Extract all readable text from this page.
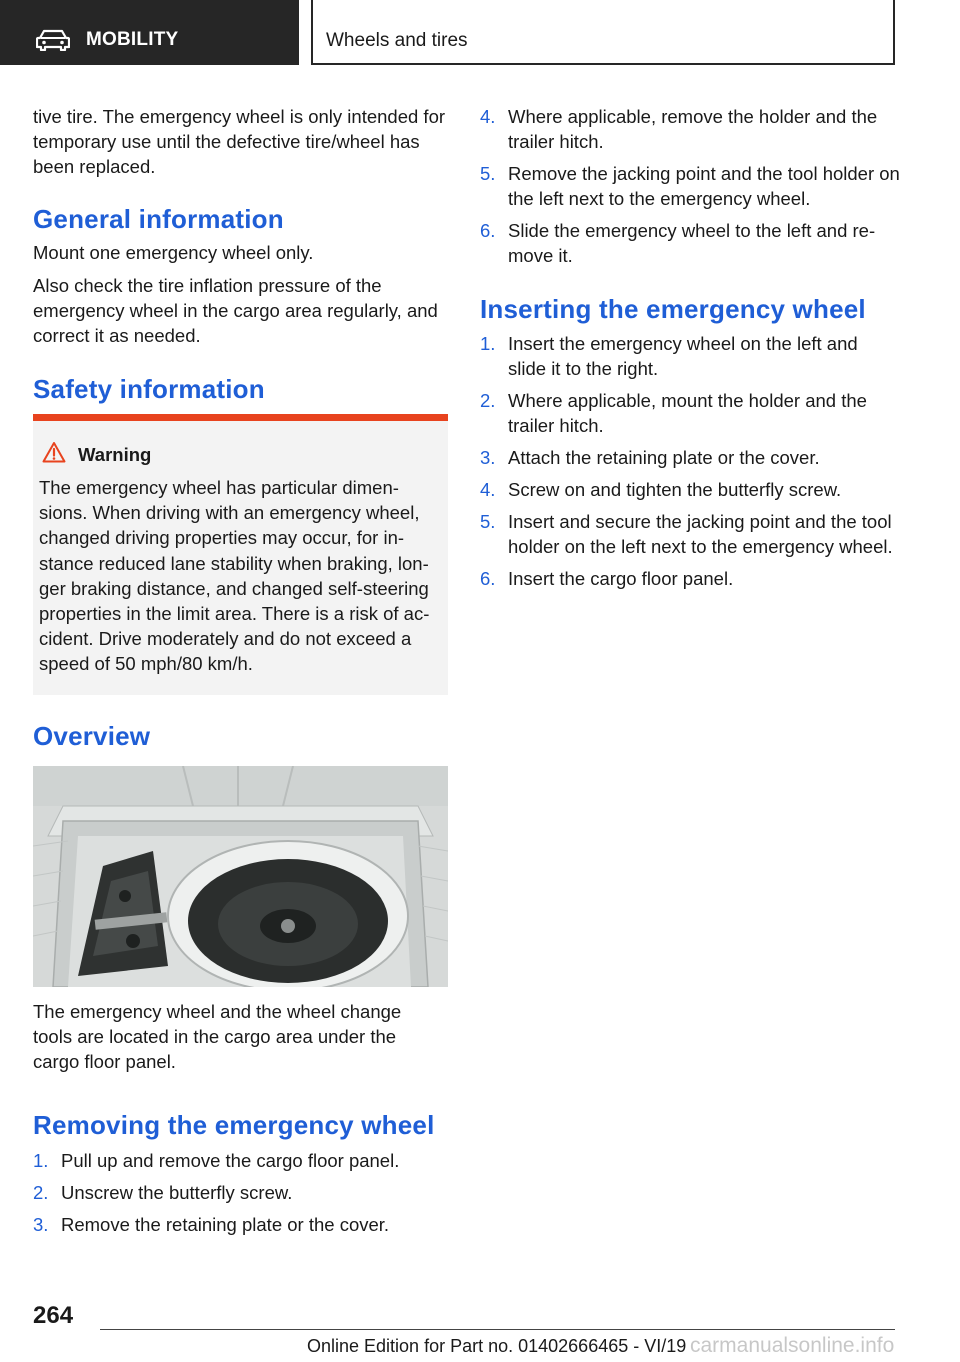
MOBILITY	Wheels and tires

tive tire. The emergency wheel is only intended for temporary use until the defective tire/wheel has been replaced.

General information

Mount one emergency wheel only.

Also check the tire inflation pressure of the emergency wheel in the cargo area regularly, and correct it as needed.

Safety information
Warning

The emergency wheel has particular dimen‐sions. When driving with an emergency wheel, changed driving properties may occur, for in‐stance reduced lane stability when braking, lon‐ger braking distance, and changed self-steering properties in the limit area. There is a risk of ac‐cident. Drive moderately and do not exceed a speed of 50 mph/80 km/h.

Overview

The emergency wheel and the wheel change tools are located in the cargo area under the cargo floor panel.

Removing the emergency wheel
1. Pull up and remove the cargo floor panel.
2. Unscrew the butterfly screw.
3. Remove the retaining plate or the cover.
4. Where applicable, remove the holder and the trailer hitch.
5. Remove the jacking point and the tool holder on the left next to the emergency wheel.
6. Slide the emergency wheel to the left and re‐move it.
Inserting the emergency wheel
1. Insert the emergency wheel on the left and slide it to the right.
2. Where applicable, mount the holder and the trailer hitch.
3. Attach the retaining plate or the cover.
4. Screw on and tighten the butterfly screw.
5. Insert and secure the jacking point and the tool holder on the left next to the emergency wheel.
6. Insert the cargo floor panel.
264
Online Edition for Part no. 01402666465 - VI/19 carmanualsonline.info
